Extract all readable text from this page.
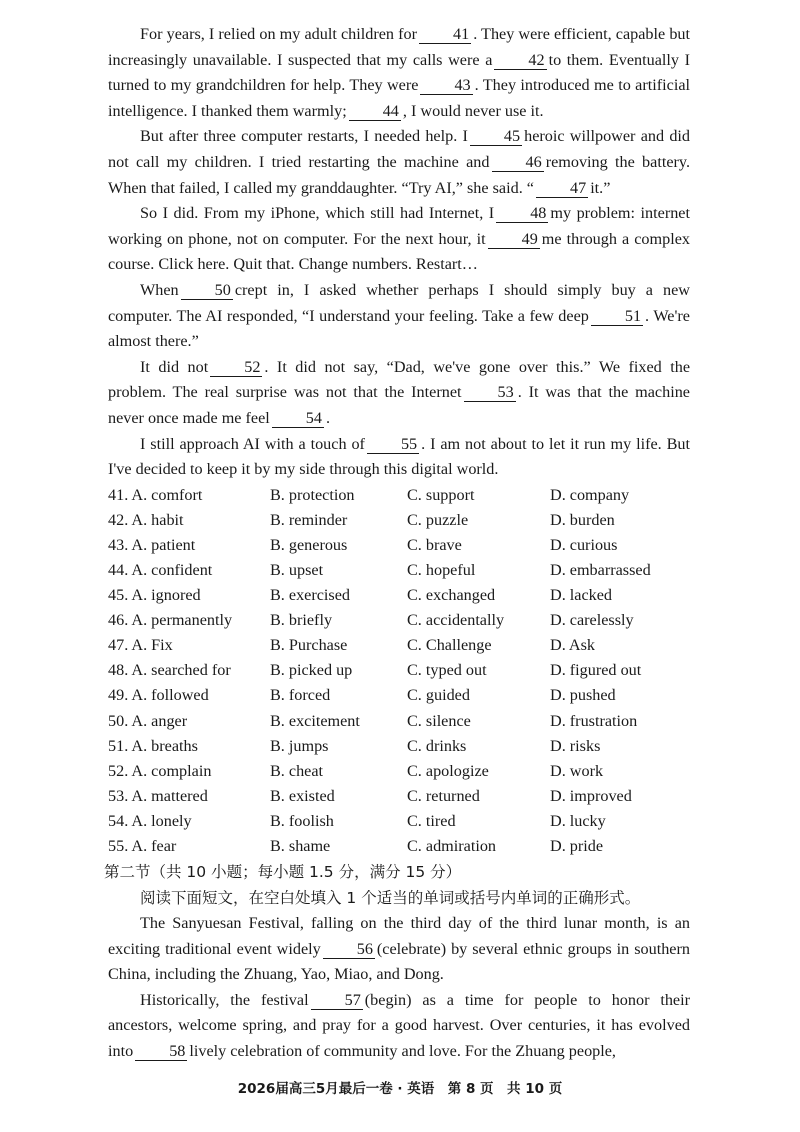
For years, I relied on my adult children for 41 . They were efficient, capable but increasingly unavailable. I suspected that my calls were a 42 to them. Eventually I turned to my grandchildren for help. They were 43 . They introduced me to artificial intelligence. I thanked them warmly; 44 , I would never use it.

But after three computer restarts, I needed help. I 45 heroic willpower and did not call my children. I tried restarting the machine and 46 removing the battery. When that failed, I called my granddaughter. “Try AI,” she said. “ 47 it.”

So I did. From my iPhone, which still had Internet, I 48 my problem: internet working on phone, not on computer. For the next hour, it 49 me through a complex course. Click here. Quit that. Change numbers. Restart…

When 50 crept in, I asked whether perhaps I should simply buy a new computer. The AI responded, “I understand your feeling. Take a few deep 51 . We're almost there.”

It did not 52 . It did not say, “Dad, we've gone over this.” We fixed the problem. The real surprise was not that the Internet 53 . It was that the machine never once made me feel 54 .

I still approach AI with a touch of 55 . I am not about to let it run my life. But I've decided to keep it by my side through this digital world.

41. A. comfort	B. protection	C. support	D. company
42. A. habit	B. reminder	C. puzzle	D. burden
43. A. patient	B. generous	C. brave	D. curious
44. A. confident	B. upset	C. hopeful	D. embarrassed
45. A. ignored	B. exercised	C. exchanged	D. lacked
46. A. permanently	B. briefly	C. accidentally	D. carelessly
47. A. Fix	B. Purchase	C. Challenge	D. Ask
48. A. searched for	B. picked up	C. typed out	D. figured out
49. A. followed	B. forced	C. guided	D. pushed
50. A. anger	B. excitement	C. silence	D. frustration
51. A. breaths	B. jumps	C. drinks	D. risks
52. A. complain	B. cheat	C. apologize	D. work
53. A. mattered	B. existed	C. returned	D. improved
54. A. lonely	B. foolish	C. tired	D. lucky
55. A. fear	B. shame	C. admiration	D. pride
第二节（共 10 小题；每小题 1.5 分，满分 15 分）
阅读下面短文，在空白处填入 1 个适当的单词或括号内单词的正确形式。

The Sanyuesan Festival, falling on the third day of the third lunar month, is an exciting traditional event widely 56 (celebrate) by several ethnic groups in southern China, including the Zhuang, Yao, Miao, and Dong.

Historically, the festival 57 (begin) as a time for people to honor their ancestors, welcome spring, and pray for a good harvest. Over centuries, it has evolved into 58 lively celebration of community and love. For the Zhuang people,

2026届高三5月最后一卷 · 英语　第 8 页　共 10 页
